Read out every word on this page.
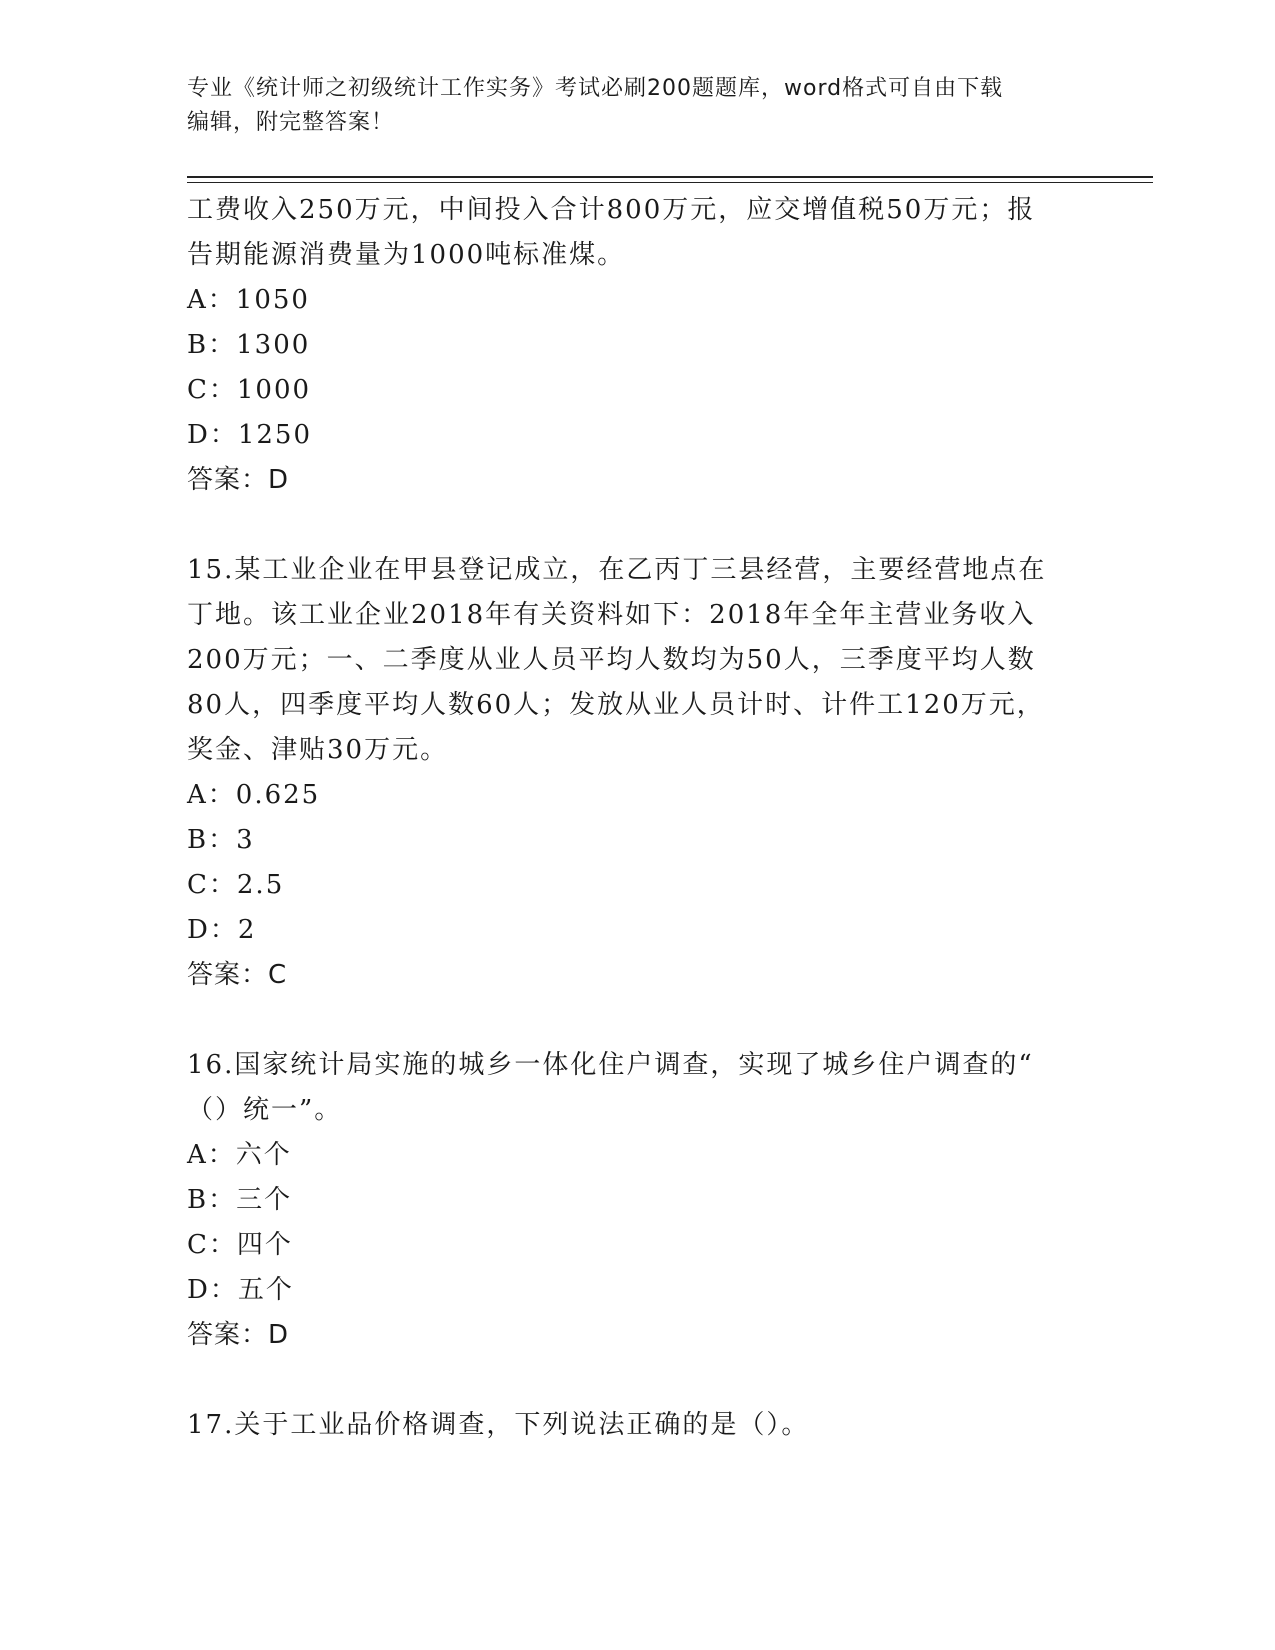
专业《统计师之初级统计工作实务》考试必刷200题题库，word格式可自由下载
编辑，附完整答案！

工费收入250万元，中间投入合计800万元，应交增值税50万元；报

告期能源消费量为1000吨标准煤。

A：1050

B：1300

C：1000

D：1250

答案：D

15.某工业企业在甲县登记成立，在乙丙丁三县经营，主要经营地点在

丁地。该工业企业2018年有关资料如下：2018年全年主营业务收入

200万元；一、二季度从业人员平均人数均为50人，三季度平均人数

80人，四季度平均人数60人；发放从业人员计时、计件工120万元，

奖金、津贴30万元。

A：0.625

B：3

C：2.5

D：2

答案：C

16.国家统计局实施的城乡一体化住户调查，实现了城乡住户调查的“

（）统一”。

A：六个

B：三个

C：四个

D：五个

答案：D

17.关于工业品价格调查，下列说法正确的是（）。
